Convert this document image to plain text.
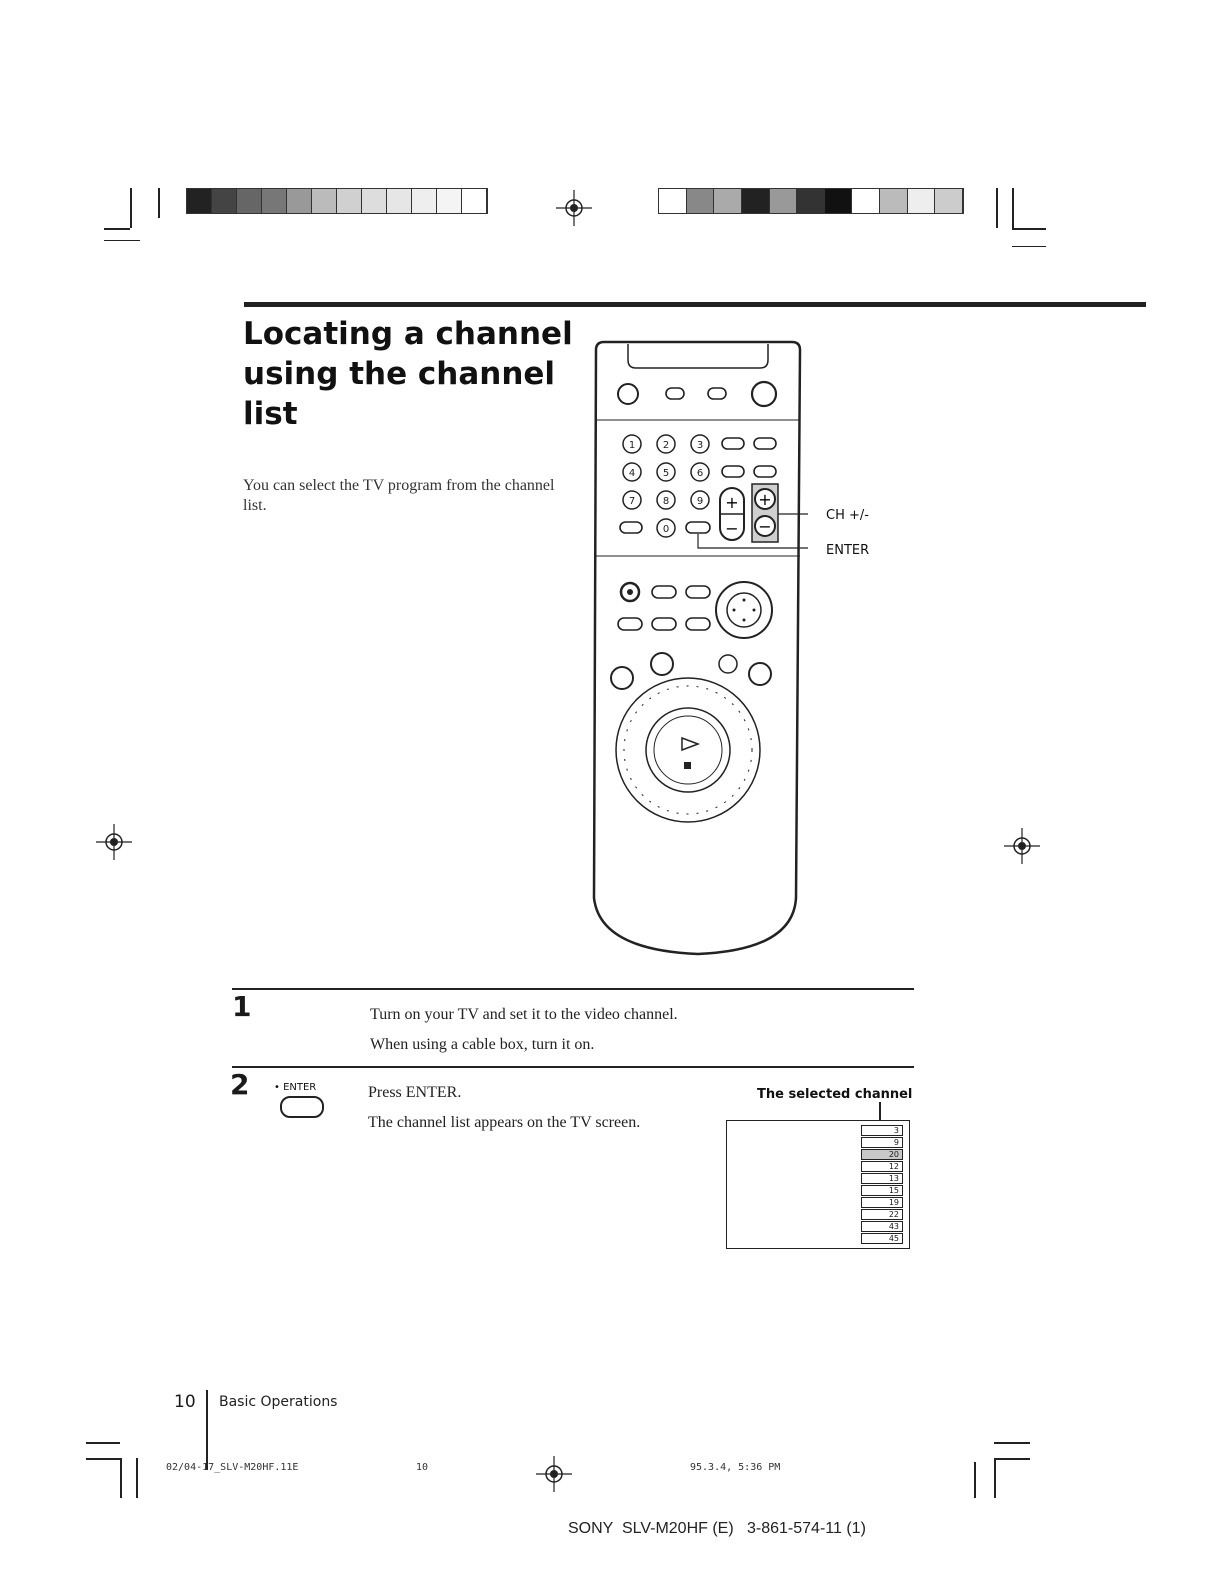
Locating a channel using the channel list
You can select the TV program from the channel list.
1	2	3
4	5	6
7	8	9
0
+
−
+
−
CH +/-
ENTER
1	Turn on your TV and set it to the video channel.
When using a cable box, turn it on.
2 • ENTER	Press ENTER.
The channel list appears on the TV screen.
The selected channel
3
9
20
12
13
15
19
22
43
45
10 Basic Operations
02/04-17_SLV-M20HF.11E	10	95.3.4, 5:36 PM
SONY  SLV-M20HF (E)   3-861-574-11 (1)
